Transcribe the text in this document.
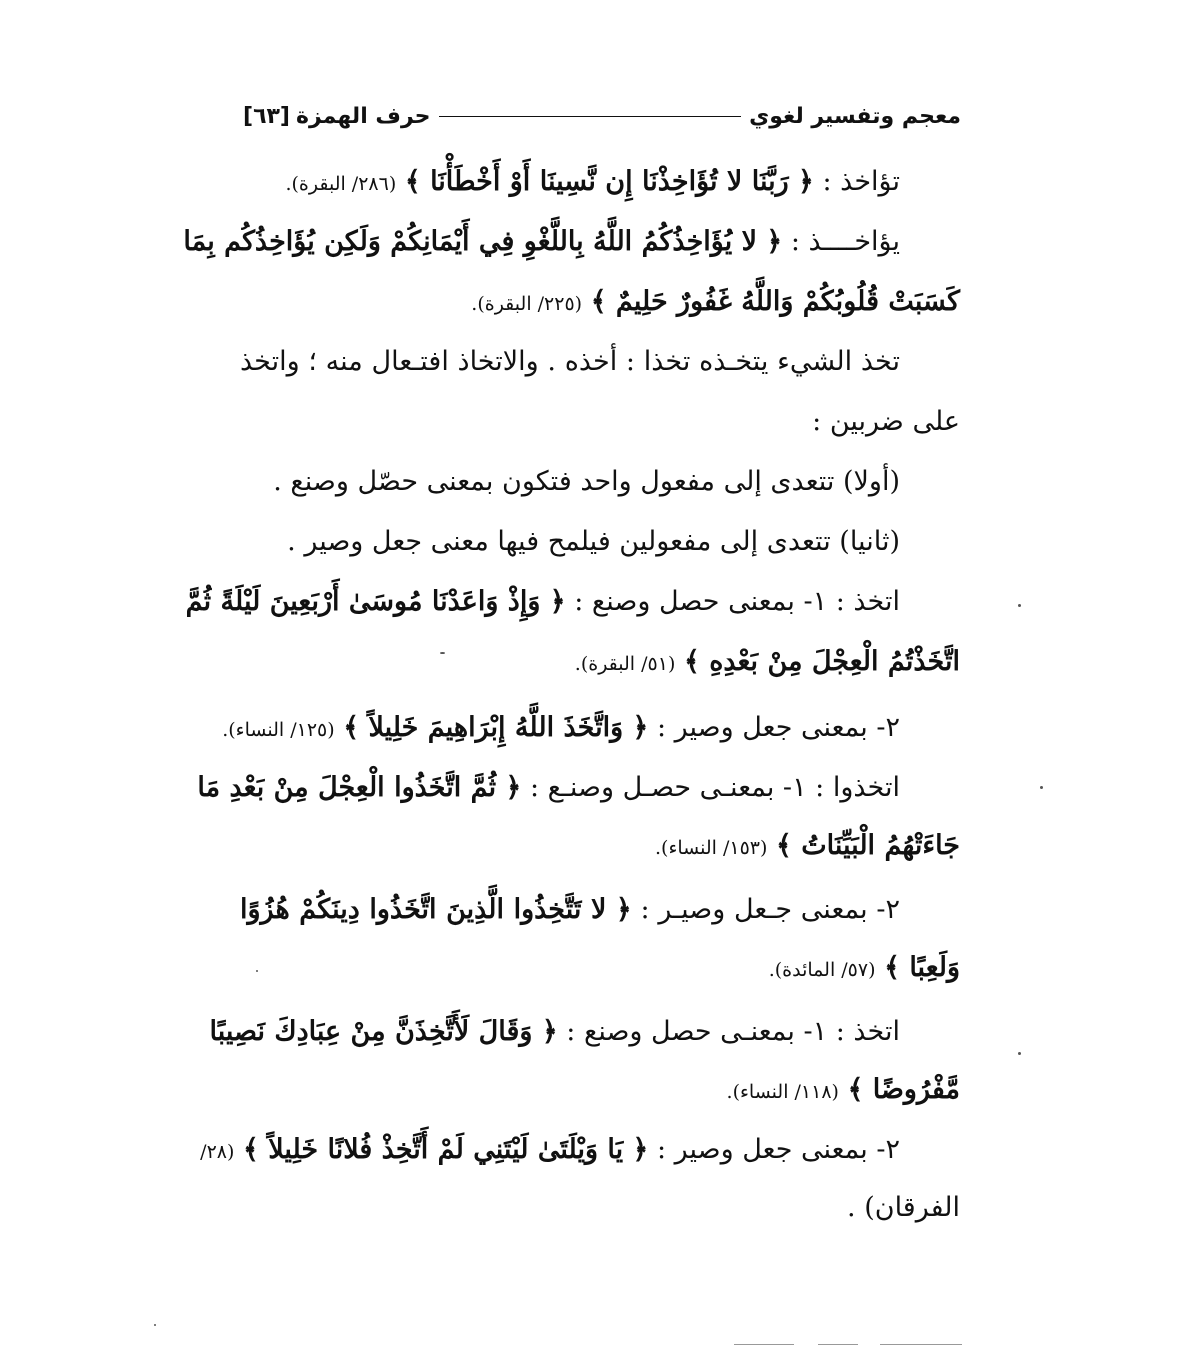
معجم وتفسير لغوي
حرف الهمزة
[٦٣]
تؤاخذ : ﴿ رَبَّنَا لا تُؤَاخِذْنَا إِن نَّسِينَا أَوْ أَخْطَأْنَا ﴾ (٢٨٦/ البقرة).
يؤاخــــذ : ﴿ لا يُؤَاخِذُكُمُ اللَّهُ بِاللَّغْوِ فِي أَيْمَانِكُمْ وَلَكِن يُؤَاخِذُكُم بِمَا
كَسَبَتْ قُلُوبُكُمْ وَاللَّهُ غَفُورٌ حَلِيمٌ ﴾ (٢٢٥/ البقرة).
تخذ الشيء يتخـذه تخذا : أخذه . والاتخاذ افتـعال منه ؛ واتخذ
على ضربين :
(أولا) تتعدى إلى مفعول واحد فتكون بمعنى حصّل وصنع .
(ثانيا) تتعدى إلى مفعولين فيلمح فيها معنى جعل وصير .
اتخذ : ١- بمعنى حصل وصنع : ﴿ وَإِذْ وَاعَدْنَا مُوسَىٰ أَرْبَعِينَ لَيْلَةً ثُمَّ
اتَّخَذْتُمُ الْعِجْلَ مِنْ بَعْدِهِ ﴾ (٥١/ البقرة).
٢- بمعنى جعل وصير : ﴿ وَاتَّخَذَ اللَّهُ إِبْرَاهِيمَ خَلِيلاً ﴾ (١٢٥/ النساء).
اتخذوا : ١- بمعنـى حصـل وصنـع : ﴿ ثُمَّ اتَّخَذُوا الْعِجْلَ مِنْ بَعْدِ مَا
جَاءَتْهُمُ الْبَيِّنَاتُ ﴾ (١٥٣/ النساء).
٢- بمعنى جـعل وصيـر : ﴿ لا تَتَّخِذُوا الَّذِينَ اتَّخَذُوا دِينَكُمْ هُزُوًا
وَلَعِبًا ﴾ (٥٧/ المائدة).
اتخذ : ١- بمعنـى حصل وصنع : ﴿ وَقَالَ لَأَتَّخِذَنَّ مِنْ عِبَادِكَ نَصِيبًا
مَّفْرُوضًا ﴾ (١١٨/ النساء).
٢- بمعنى جعل وصير : ﴿ يَا وَيْلَتَىٰ لَيْتَنِي لَمْ أَتَّخِذْ فُلانًا خَلِيلاً ﴾ (٢٨/
الفرقان) .
